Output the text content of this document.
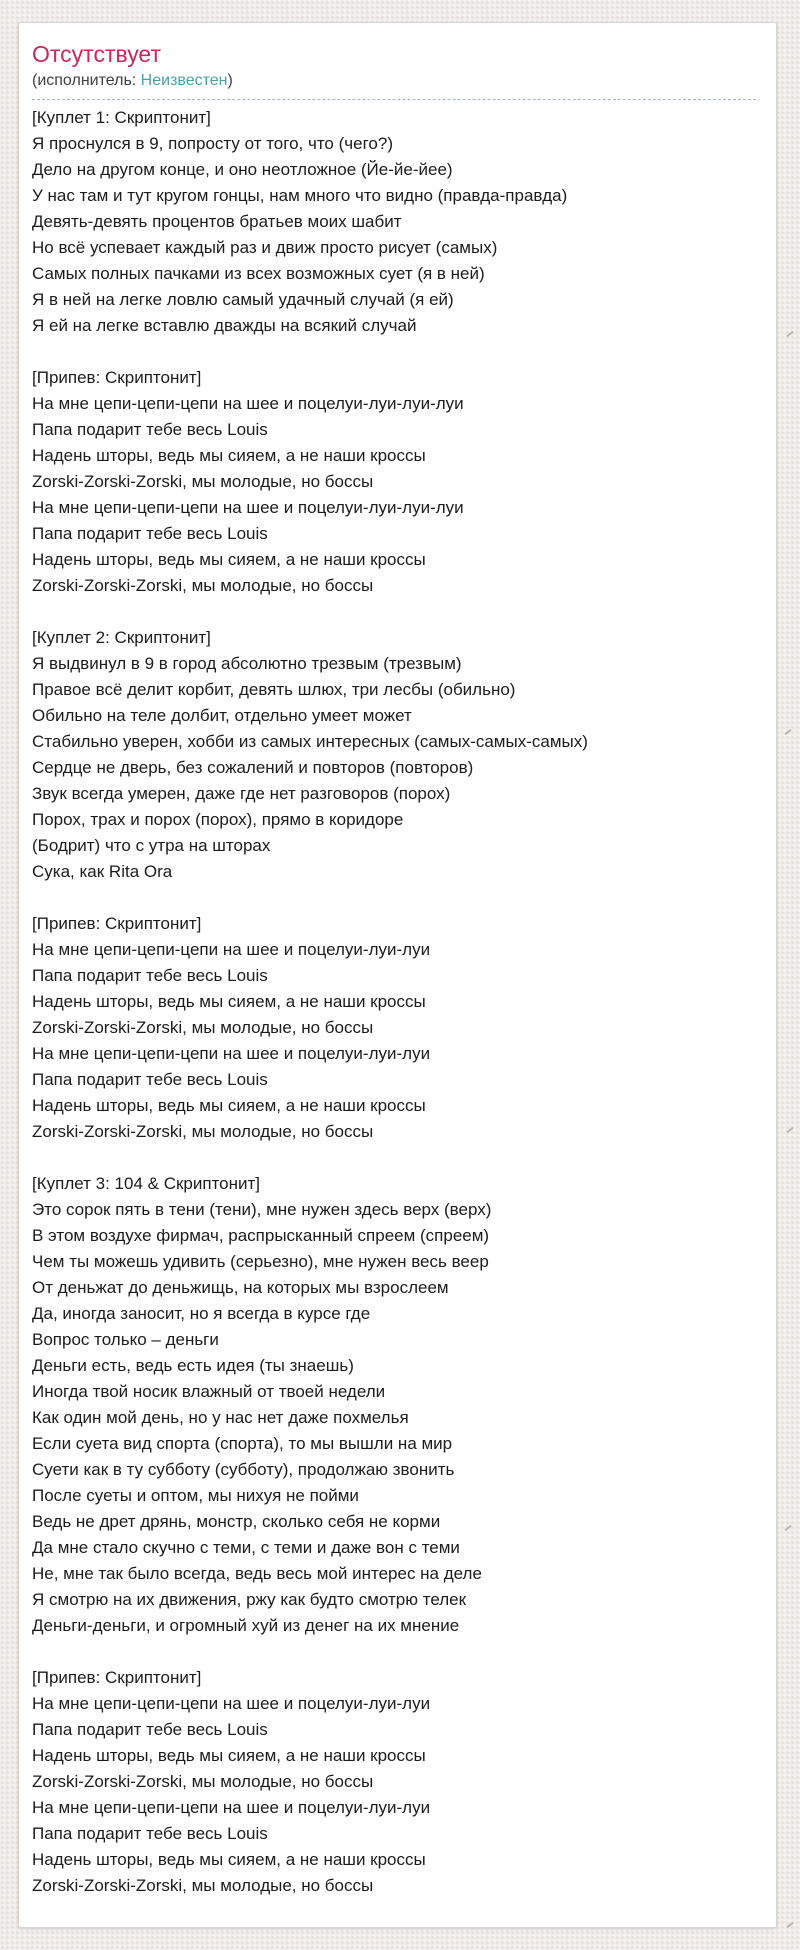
Отсутствует
(исполнитель: Неизвестен)
[Куплет 1: Скриптонит]
Я проснулся в 9, попросту от того, что (чего?)
Дело на другом конце, и оно неотложное (Йе-йе-йее)
У нас там и тут кругом гонцы, нам много что видно (правда-правда)
Девять-девять процентов братьев моих шабит
Но всё успевает каждый раз и движ просто рисует (самых)
Самых полных пачками из всех возможных сует (я в ней)
Я в ней на легке ловлю самый удачный случай (я ей)
Я ей на легке вставлю дважды на всякий случай
[Припев: Скриптонит]
На мне цепи-цепи-цепи на шее и поцелуи-луи-луи-луи
Папа подарит тебе весь Louis
Надень шторы, ведь мы сияем, а не наши кроссы
Zorski-Zorski-Zorski, мы молодые, но боссы
На мне цепи-цепи-цепи на шее и поцелуи-луи-луи-луи
Папа подарит тебе весь Louis
Надень шторы, ведь мы сияем, а не наши кроссы
Zorski-Zorski-Zorski, мы молодые, но боссы
[Куплет 2: Скриптонит]
Я выдвинул в 9 в город абсолютно трезвым (трезвым)
Правое всё делит корбит, девять шлюх, три лесбы (обильно)
Обильно на теле долбит, отдельно умеет может
Стабильно уверен, хобби из самых интересных (самых-самых-самых)
Сердце не дверь, без сожалений и повторов (повторов)
Звук всегда умерен, даже где нет разговоров (порох)
Порох, трах и порох (порох), прямо в коридоре
(Бодрит) что с утра на шторах
Сука, как Rita Ora
[Припев: Скриптонит]
На мне цепи-цепи-цепи на шее и поцелуи-луи-луи
Папа подарит тебе весь Louis
Надень шторы, ведь мы сияем, а не наши кроссы
Zorski-Zorski-Zorski, мы молодые, но боссы
На мне цепи-цепи-цепи на шее и поцелуи-луи-луи
Папа подарит тебе весь Louis
Надень шторы, ведь мы сияем, а не наши кроссы
Zorski-Zorski-Zorski, мы молодые, но боссы
[Куплет 3: 104 & Скриптонит]
Это сорок пять в тени (тени), мне нужен здесь верх (верх)
В этом воздухе фирмач, распрысканный спреем (спреем)
Чем ты можешь удивить (серьезно), мне нужен весь веер
От деньжат до деньжищь, на которых мы взрослеем
Да, иногда заносит, но я всегда в курсе где
Вопрос только – деньги
Деньги есть, ведь есть идея (ты знаешь)
Иногда твой носик влажный от твоей недели
Как один мой день, но у нас нет даже похмелья
Если суета вид спорта (спорта), то мы вышли на мир
Суети как в ту субботу (субботу), продолжаю звонить
После суеты и оптом, мы нихуя не пойми
Ведь не дрет дрянь, монстр, сколько себя не корми
Да мне стало скучно с теми, с теми и даже вон с теми
Не, мне так было всегда, ведь весь мой интерес на деле
Я смотрю на их движения, ржу как будто смотрю телек
Деньги-деньги, и огромный хуй из денег на их мнение
[Припев: Скриптонит]
На мне цепи-цепи-цепи на шее и поцелуи-луи-луи
Папа подарит тебе весь Louis
Надень шторы, ведь мы сияем, а не наши кроссы
Zorski-Zorski-Zorski, мы молодые, но боссы
На мне цепи-цепи-цепи на шее и поцелуи-луи-луи
Папа подарит тебе весь Louis
Надень шторы, ведь мы сияем, а не наши кроссы
Zorski-Zorski-Zorski, мы молодые, но боссы
